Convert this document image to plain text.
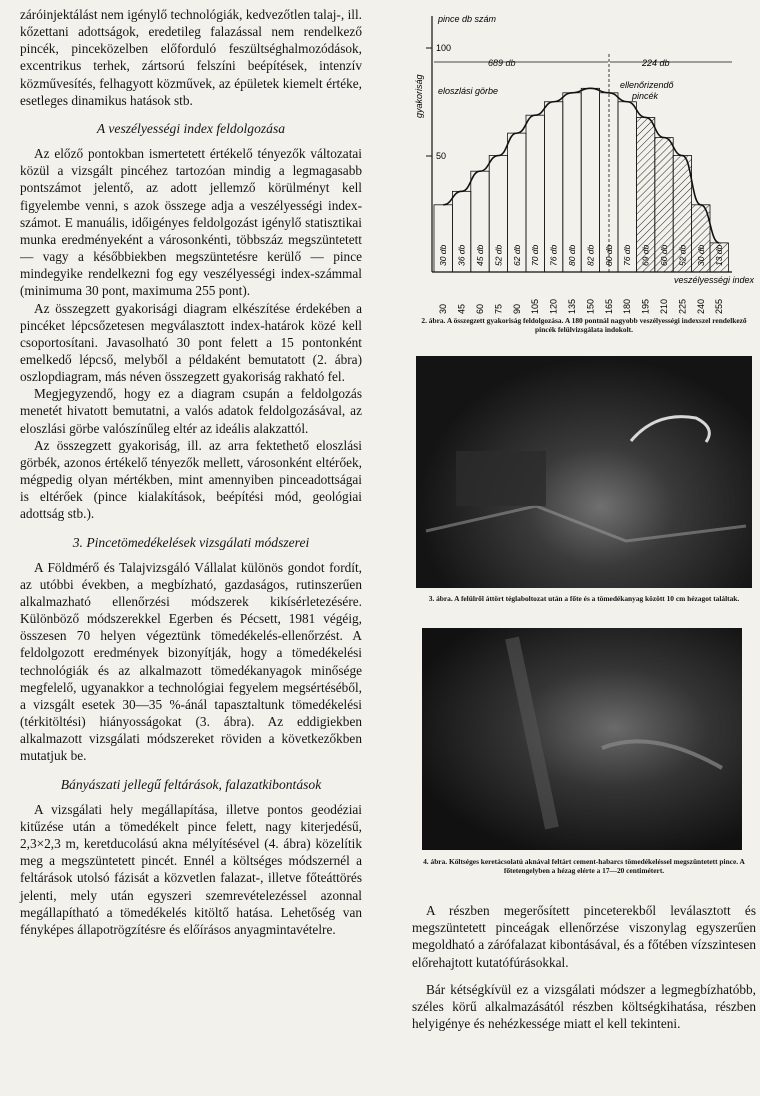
záróinjektálást nem igénylő technológiák, kedvezőtlen talaj-, ill. kőzettani adottságok, eredetileg falazással nem rendelkező pincék, pinceközelben előforduló feszültséghalmozódások, excentrikus terhek, zártsorú felszíni beépítések, intenzív közművesítés, felhagyott közművek, az épületek kiemelt értéke, esetleges dinamikus hatások stb.

A veszélyességi index feldolgozása

Az előző pontokban ismertetett értékelő tényezők változatai közül a vizsgált pincéhez tartozóan mindig a legmagasabb pontszámot jelentő, az adott jellemző körülményt kell figyelembe venni, s azok összege adja a veszélyességi index-számot. E manuális, időigényes feldolgozást igénylő statisztikai munka eredményeként a városonkénti, többszáz megszüntetett — vagy a későbbiekben megszüntetésre kerülő — pince mindegyike rendelkezni fog egy veszélyességi index-számmal (minimuma 30 pont, maximuma 255 pont).

Az összegzett gyakorisági diagram elkészítése érdekében a pincéket lépcsőzetesen megválasztott index-határok közé kell csoportosítani. Javasolható 30 pont felett a 15 pontonként emelkedő lépcső, melyből a példaként bemutatott (2. ábra) oszlopdiagram, más néven összegzett gyakoriság rakható fel.

Megjegyzendő, hogy ez a diagram csupán a feldolgozás menetét hivatott bemutatni, a valós adatok feldolgozásával, az eloszlási görbe valószínűleg eltér az ideális alakzattól.

Az összegzett gyakoriság, ill. az arra fektethető eloszlási görbék, azonos értékelő tényezők mellett, városonként eltérőek, mégpedig olyan mértékben, mint amennyiben pinceadottságai is eltérőek (pince kialakítások, beépítési mód, geológiai adottság stb.).

3. Pincetömedékelések vizsgálati módszerei

A Földmérő és Talajvizsgáló Vállalat különös gondot fordít, az utóbbi években, a megbízható, gazdaságos, rutinszerűen alkalmazható ellenőrzési módszerek kikísérletezésére. Különböző módszerekkel Egerben és Pécsett, 1981 végéig, összesen 70 helyen végeztünk tömedékelés-ellenőrzést. A feldolgozott eredmények bizonyítják, hogy a tömedékelési technológiák és az alkalmazott tömedékanyagok minősége megfelelő, ugyanakkor a technológiai fegyelem megsértéséből, a vizsgált esetek 30—35 %-ánál tapasztaltunk tömedékelési (térkitöltési) hiányosságokat (3. ábra). Az eddigiekben alkalmazott vizsgálati módszereket röviden a következőkben mutatjuk be.

Bányászati jellegű feltárások, falazatkibontások

A vizsgálati hely megállapítása, illetve pontos geodéziai kitűzése után a tömedékelt pince felett, nagy kiterjedésű, 2,3×2,3 m, keretducolású akna mélyítésével (4. ábra) közelítik meg a megszüntetett pincét. Ennél a költséges módszernél a feltárások utolsó fázisát a közvetlen falazat-, illetve főteáttörés jelenti, mely után egyszeri szemrevételezéssel azonnal megállapítható a tömedékelés kitöltő hatása. Lehetőség van fényképes állapotrögzítésre és előírásos anyagmintavételre.

pince db szám
gyakoriság
100
50
689 db	224 db
eloszlási görbe
ellenőrizendő
pincék
veszélyességi index
30 db
30
36 db
45
45 db
60
52 db
75
62 db
90
70 db
105
76 db
120
80 db
135
82 db
150
80 db
165
76 db
180
69 db
195
60 db
210
52 db
225
30 db
240
13 db
255

2. ábra. A összegzett gyakoriság feldolgozása. A 180 pontnál nagyobb veszélyességi indexszel rendelkező pincék felülvizsgálata indokolt.

3. ábra. A felülről áttört téglaboltozat után a főte és a tömedékanyag között 10 cm hézagot találtak.

4. ábra. Költséges keretácsolatú aknával feltárt cement-habarcs tömedékeléssel megszüntetett pince. A főtetengelyben a hézag elérte a 17—20 centimétert.

A részben megerősített pinceterekből leválasztott és megszüntetett pinceágak ellenőrzése viszonylag egyszerűen megoldható a zárófalazat kibontásával, és a főtében vízszintesen előrehajtott kutatófúrásokkal.

Bár kétségkívül ez a vizsgálati módszer a legmegbízhatóbb, széles körű alkalmazásától részben költségkihatása, részben helyigénye és nehézkessége miatt el kell tekinteni.
